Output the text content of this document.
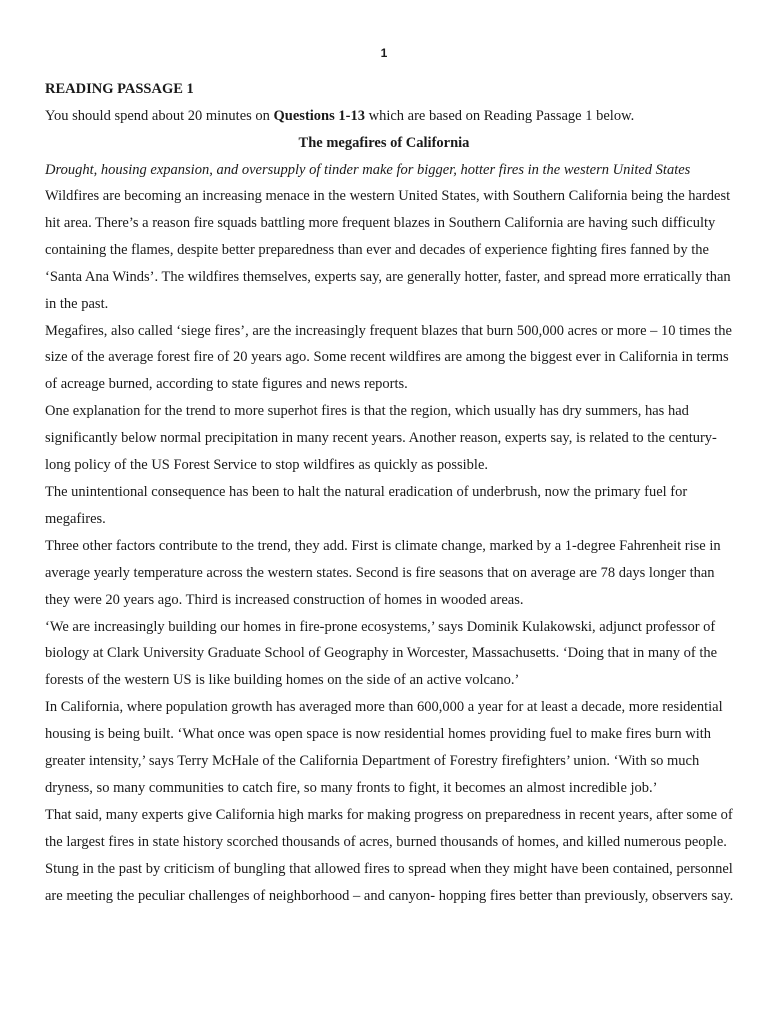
1
READING PASSAGE 1
You should spend about 20 minutes on Questions 1-13 which are based on Reading Passage 1 below.
The megafires of California
Drought, housing expansion, and oversupply of tinder make for bigger, hotter fires in the western United States

Wildfires are becoming an increasing menace in the western United States, with Southern California being the hardest hit area. There’s a reason fire squads battling more frequent blazes in Southern California are having such difficulty containing the flames, despite better preparedness than ever and decades of experience fighting fires fanned by the ‘Santa Ana Winds’. The wildfires themselves, experts say, are generally hotter, faster, and spread more erratically than in the past.

Megafires, also called ‘siege fires’, are the increasingly frequent blazes that burn 500,000 acres or more – 10 times the size of the average forest fire of 20 years ago. Some recent wildfires are among the biggest ever in California in terms of acreage burned, according to state figures and news reports.

One explanation for the trend to more superhot fires is that the region, which usually has dry summers, has had significantly below normal precipitation in many recent years. Another reason, experts say, is related to the century- long policy of the US Forest Service to stop wildfires as quickly as possible.

The unintentional consequence has been to halt the natural eradication of underbrush, now the primary fuel for megafires.

Three other factors contribute to the trend, they add. First is climate change, marked by a 1-degree Fahrenheit rise in average yearly temperature across the western states. Second is fire seasons that on average are 78 days longer than they were 20 years ago. Third is increased construction of homes in wooded areas.

‘We are increasingly building our homes in fire-prone ecosystems,’ says Dominik Kulakowski, adjunct professor of biology at Clark University Graduate School of Geography in Worcester, Massachusetts. ‘Doing that in many of the forests of the western US is like building homes on the side of an active volcano.’

In California, where population growth has averaged more than 600,000 a year for at least a decade, more residential housing is being built. ‘What once was open space is now residential homes providing fuel to make fires burn with greater intensity,’ says Terry McHale of the California Department of Forestry firefighters’ union. ‘With so much dryness, so many communities to catch fire, so many fronts to fight, it becomes an almost incredible job.’

That said, many experts give California high marks for making progress on preparedness in recent years, after some of the largest fires in state history scorched thousands of acres, burned thousands of homes, and killed numerous people. Stung in the past by criticism of bungling that allowed fires to spread when they might have been contained, personnel are meeting the peculiar challenges of neighborhood – and canyon- hopping fires better than previously, observers say.
